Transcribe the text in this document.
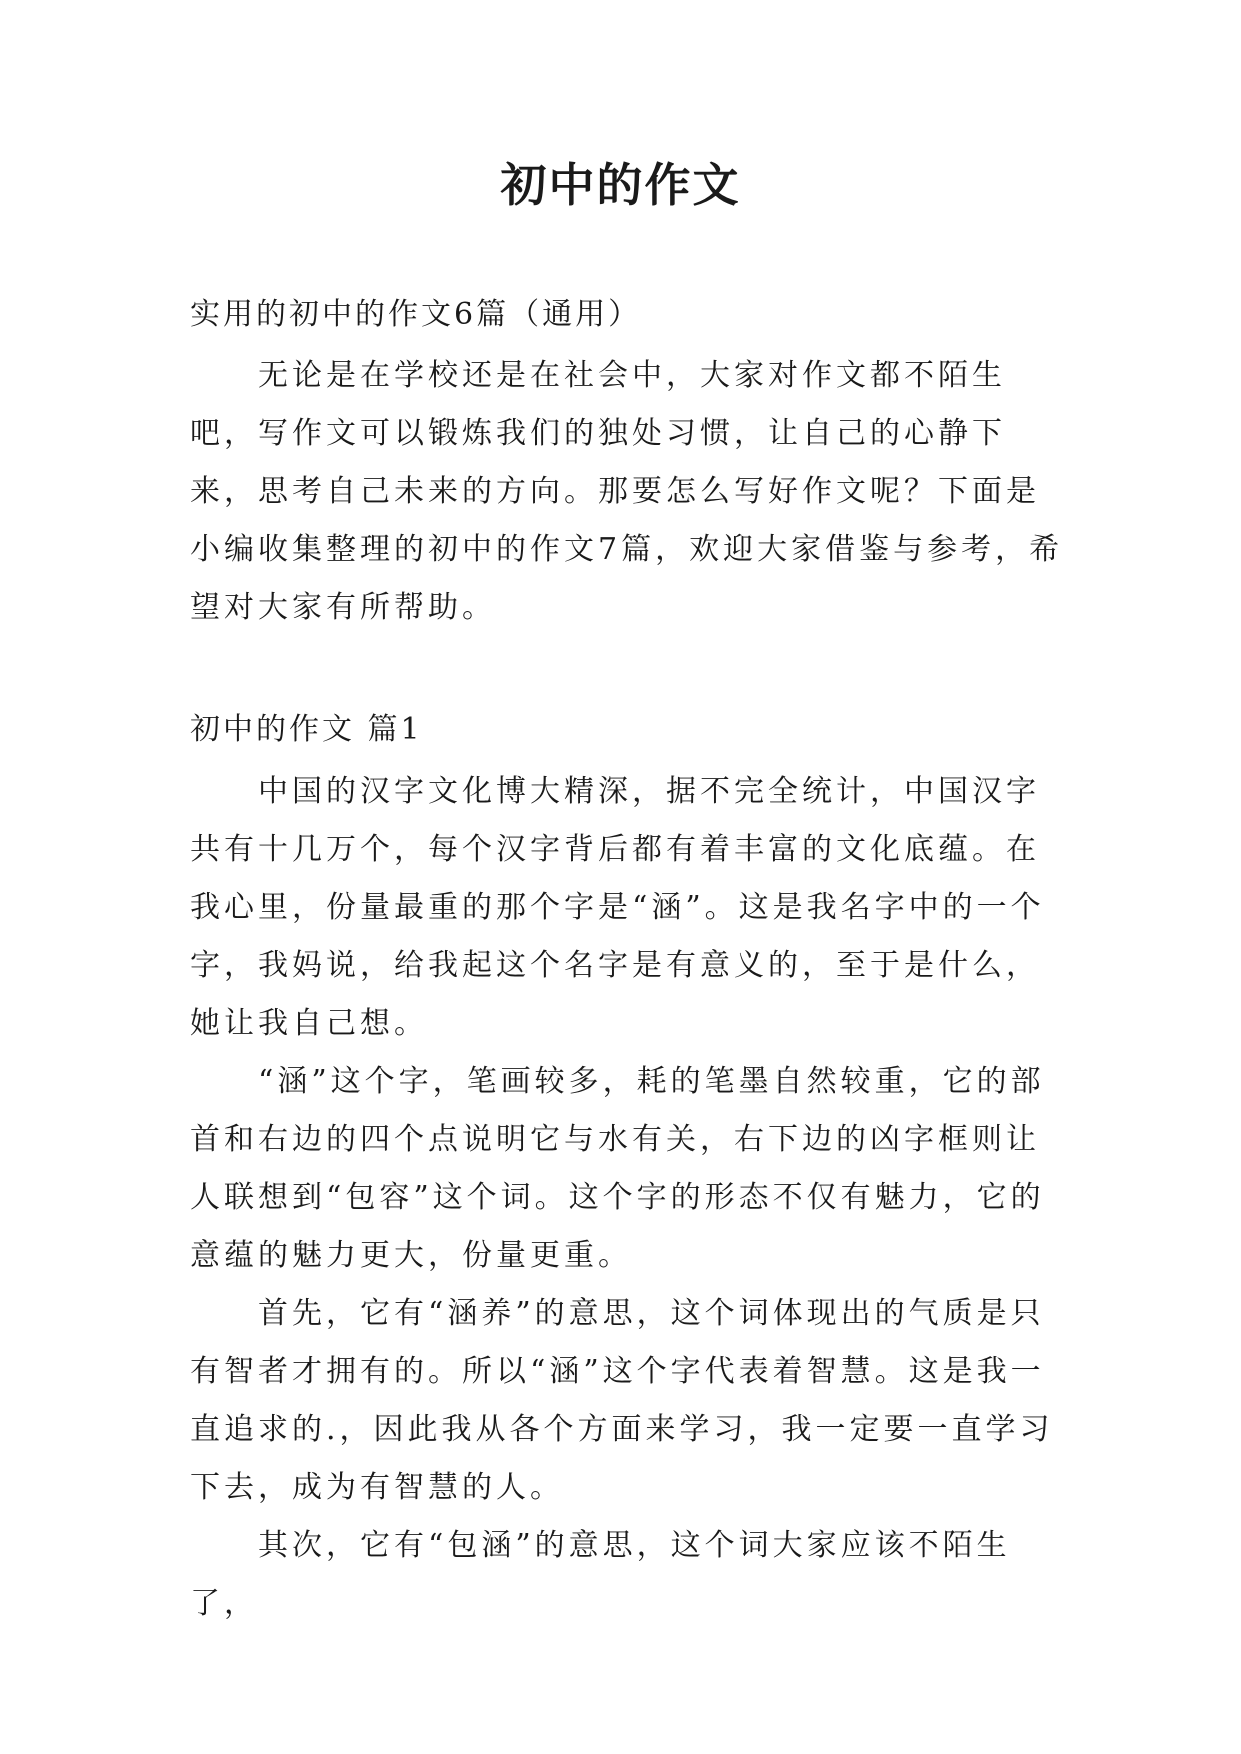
初中的作文
实用的初中的作文6篇（通用）

无论是在学校还是在社会中，大家对作文都不陌生吧，写作文可以锻炼我们的独处习惯，让自己的心静下来，思考自己未来的方向。那要怎么写好作文呢？下面是小编收集整理的初中的作文7篇，欢迎大家借鉴与参考，希望对大家有所帮助。

初中的作文 篇1

中国的汉字文化博大精深，据不完全统计，中国汉字共有十几万个，每个汉字背后都有着丰富的文化底蕴。在我心里，份量最重的那个字是“涵”。这是我名字中的一个字，我妈说，给我起这个名字是有意义的，至于是什么，她让我自己想。

“涵”这个字，笔画较多，耗的笔墨自然较重，它的部首和右边的四个点说明它与水有关，右下边的凶字框则让人联想到“包容”这个词。这个字的形态不仅有魅力，它的意蕴的魅力更大，份量更重。

首先，它有“涵养”的意思，这个词体现出的气质是只有智者才拥有的。所以“涵”这个字代表着智慧。这是我一直追求的.，因此我从各个方面来学习，我一定要一直学习下去，成为有智慧的人。

其次，它有“包涵”的意思，这个词大家应该不陌生了，
